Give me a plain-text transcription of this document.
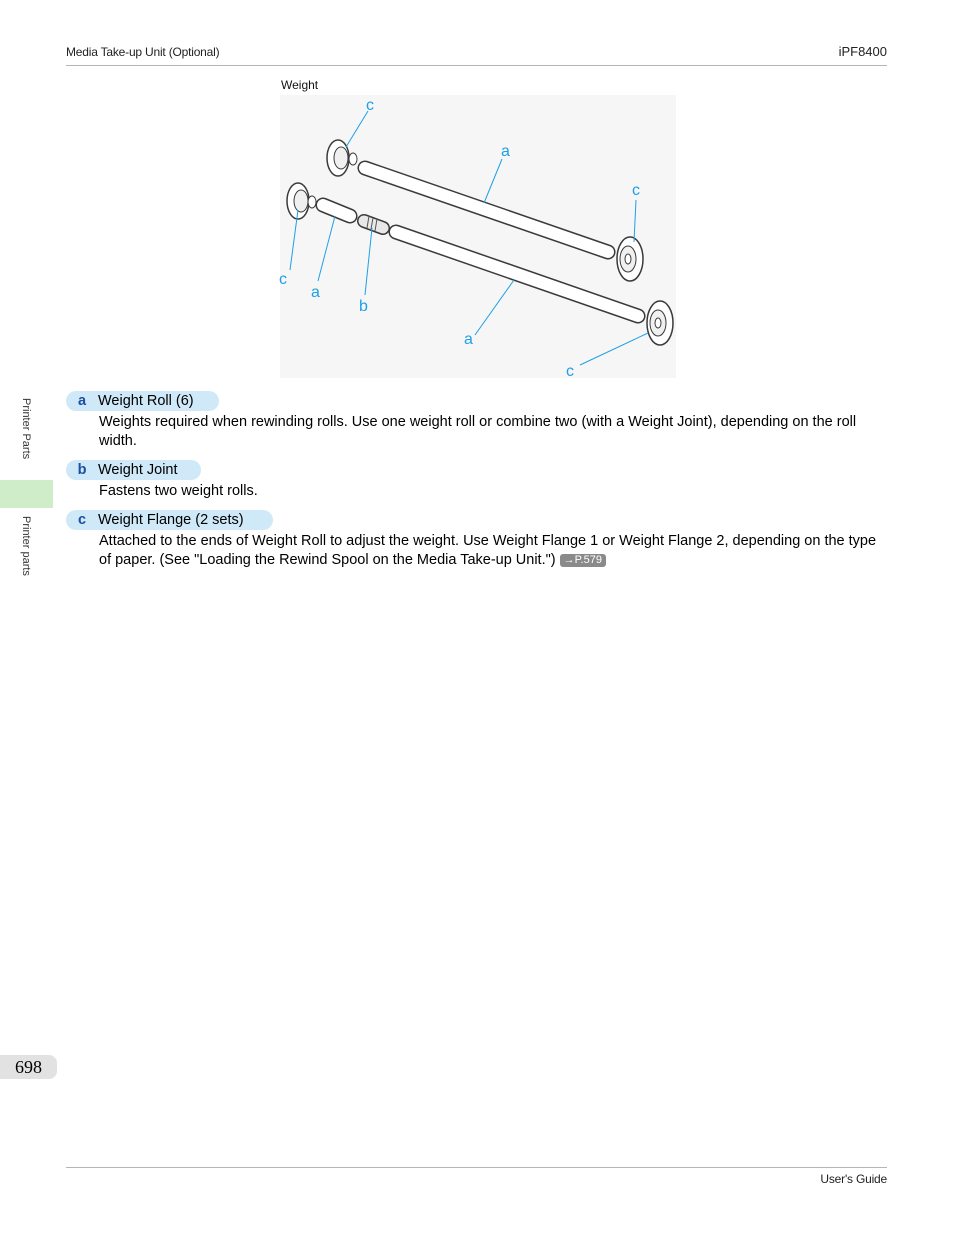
Media Take-up Unit (Optional)	iPF8400
Weight
c
a
c
c
a
b
a
c
a Weight Roll (6)
Weights required when rewinding rolls. Use one weight roll or combine two (with a Weight Joint), depending on the roll width.
b Weight Joint
Fastens two weight rolls.
c Weight Flange (2 sets)
Attached to the ends of Weight Roll to adjust the weight. Use Weight Flange 1 or Weight Flange 2, depending on the type of paper. (See "Loading the Rewind Spool on the Media Take-up Unit.") →P.579
Printer Parts
Printer parts
698
User's Guide
